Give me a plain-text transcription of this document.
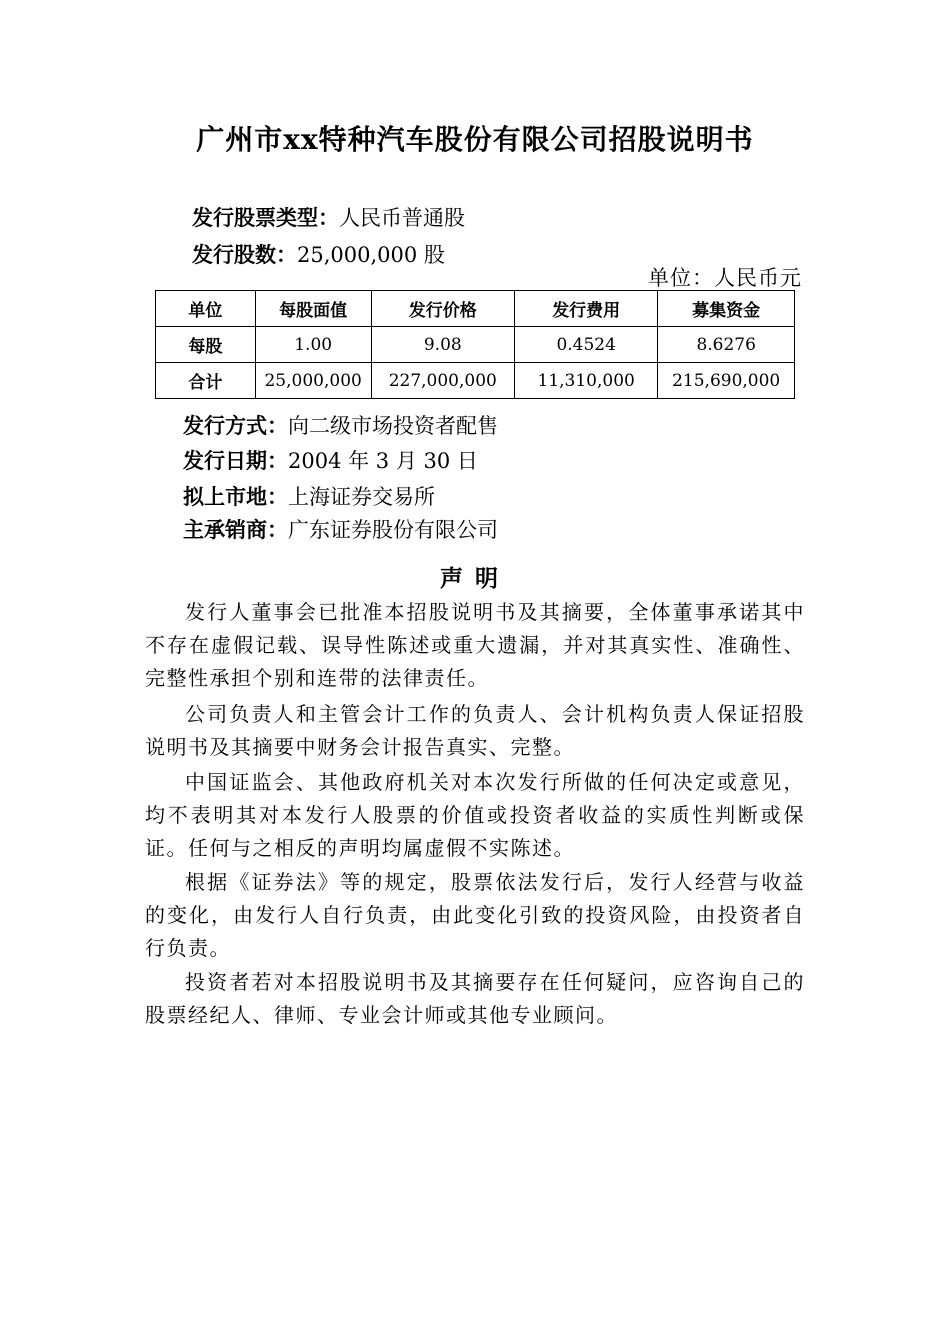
广州市xx特种汽车股份有限公司招股说明书
发行股票类型：人民币普通股
发行股数：25,000,000 股
单位：人民币元
单位	每股面值	发行价格	发行费用	募集资金
每股	1.00	9.08	0.4524	8.6276
合计	25,000,000	227,000,000	11,310,000	215,690,000
发行方式：向二级市场投资者配售
发行日期：2004 年 3 月 30 日
拟上市地：上海证券交易所
主承销商：广东证券股份有限公司
声明
发行人董事会已批准本招股说明书及其摘要，全体董事承诺其中不存在虚假记载、误导性陈述或重大遗漏，并对其真实性、准确性、完整性承担个别和连带的法律责任。
公司负责人和主管会计工作的负责人、会计机构负责人保证招股说明书及其摘要中财务会计报告真实、完整。
中国证监会、其他政府机关对本次发行所做的任何决定或意见，均不表明其对本发行人股票的价值或投资者收益的实质性判断或保证。任何与之相反的声明均属虚假不实陈述。
根据《证券法》等的规定，股票依法发行后，发行人经营与收益的变化，由发行人自行负责，由此变化引致的投资风险，由投资者自行负责。
投资者若对本招股说明书及其摘要存在任何疑问，应咨询自己的股票经纪人、律师、专业会计师或其他专业顾问。
